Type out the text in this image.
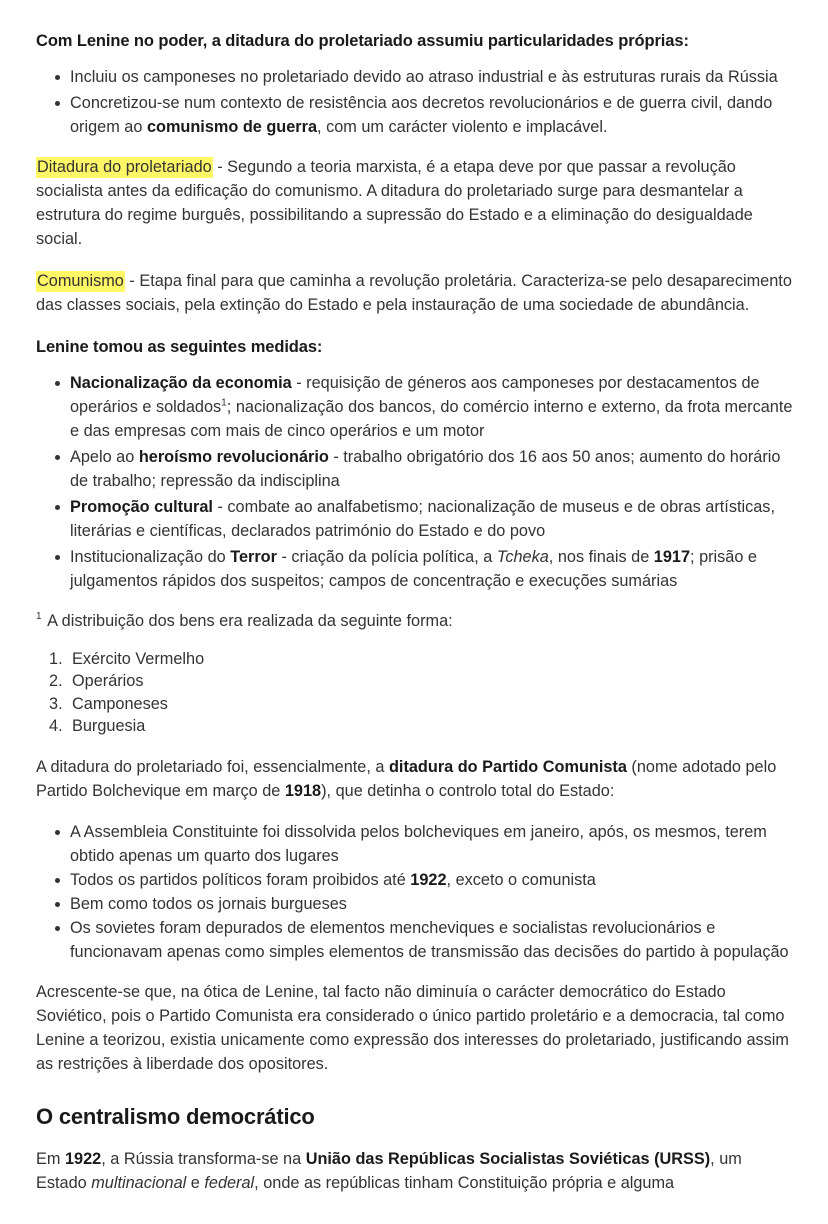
Com Lenine no poder, a ditadura do proletariado assumiu particularidades próprias:
Incluiu os camponeses no proletariado devido ao atraso industrial e às estruturas rurais da Rússia
Concretizou-se num contexto de resistência aos decretos revolucionários e de guerra civil, dando origem ao comunismo de guerra, com um carácter violento e implacável.

Ditadura do proletariado - Segundo a teoria marxista, é a etapa deve por que passar a revolução socialista antes da edificação do comunismo. A ditadura do proletariado surge para desmantelar a estrutura do regime burguês, possibilitando a supressão do Estado e a eliminação do desigualdade social.

Comunismo - Etapa final para que caminha a revolução proletária. Caracteriza-se pelo desaparecimento das classes sociais, pela extinção do Estado e pela instauração de uma sociedade de abundância.

Lenine tomou as seguintes medidas:
Nacionalização da economia - requisição de géneros aos camponeses por destacamentos de operários e soldados$^1$; nacionalização dos bancos, do comércio interno e externo, da frota mercante e das empresas com mais de cinco operários e um motor
Apelo ao heroísmo revolucionário - trabalho obrigatório dos 16 aos 50 anos; aumento do horário de trabalho; repressão da indisciplina
Promoção cultural - combate ao analfabetismo; nacionalização de museus e de obras artísticas, literárias e científicas, declarados património do Estado e do povo
Institucionalização do Terror - criação da polícia política, a Tcheka, nos finais de 1917; prisão e julgamentos rápidos dos suspeitos; campos de concentração e execuções sumárias

$^1$ A distribuição dos bens era realizada da seguinte forma:

Exército Vermelho
Operários
Camponeses
Burguesia

A ditadura do proletariado foi, essencialmente, a ditadura do Partido Comunista (nome adotado pelo Partido Bolchevique em março de 1918), que detinha o controlo total do Estado:

A Assembleia Constituinte foi dissolvida pelos bolcheviques em janeiro, após, os mesmos, terem obtido apenas um quarto dos lugares
Todos os partidos políticos foram proibidos até 1922, exceto o comunista
Bem como todos os jornais burgueses
Os sovietes foram depurados de elementos mencheviques e socialistas revolucionários e funcionavam apenas como simples elementos de transmissão das decisões do partido à população

Acrescente-se que, na ótica de Lenine, tal facto não diminuía o carácter democrático do Estado Soviético, pois o Partido Comunista era considerado o único partido proletário e a democracia, tal como Lenine a teorizou, existia unicamente como expressão dos interesses do proletariado, justificando assim as restrições à liberdade dos opositores.

O centralismo democrático

Em 1922, a Rússia transforma-se na União das Repúblicas Socialistas Soviéticas (URSS), um Estado multinacional e federal, onde as repúblicas tinham Constituição própria e alguma
